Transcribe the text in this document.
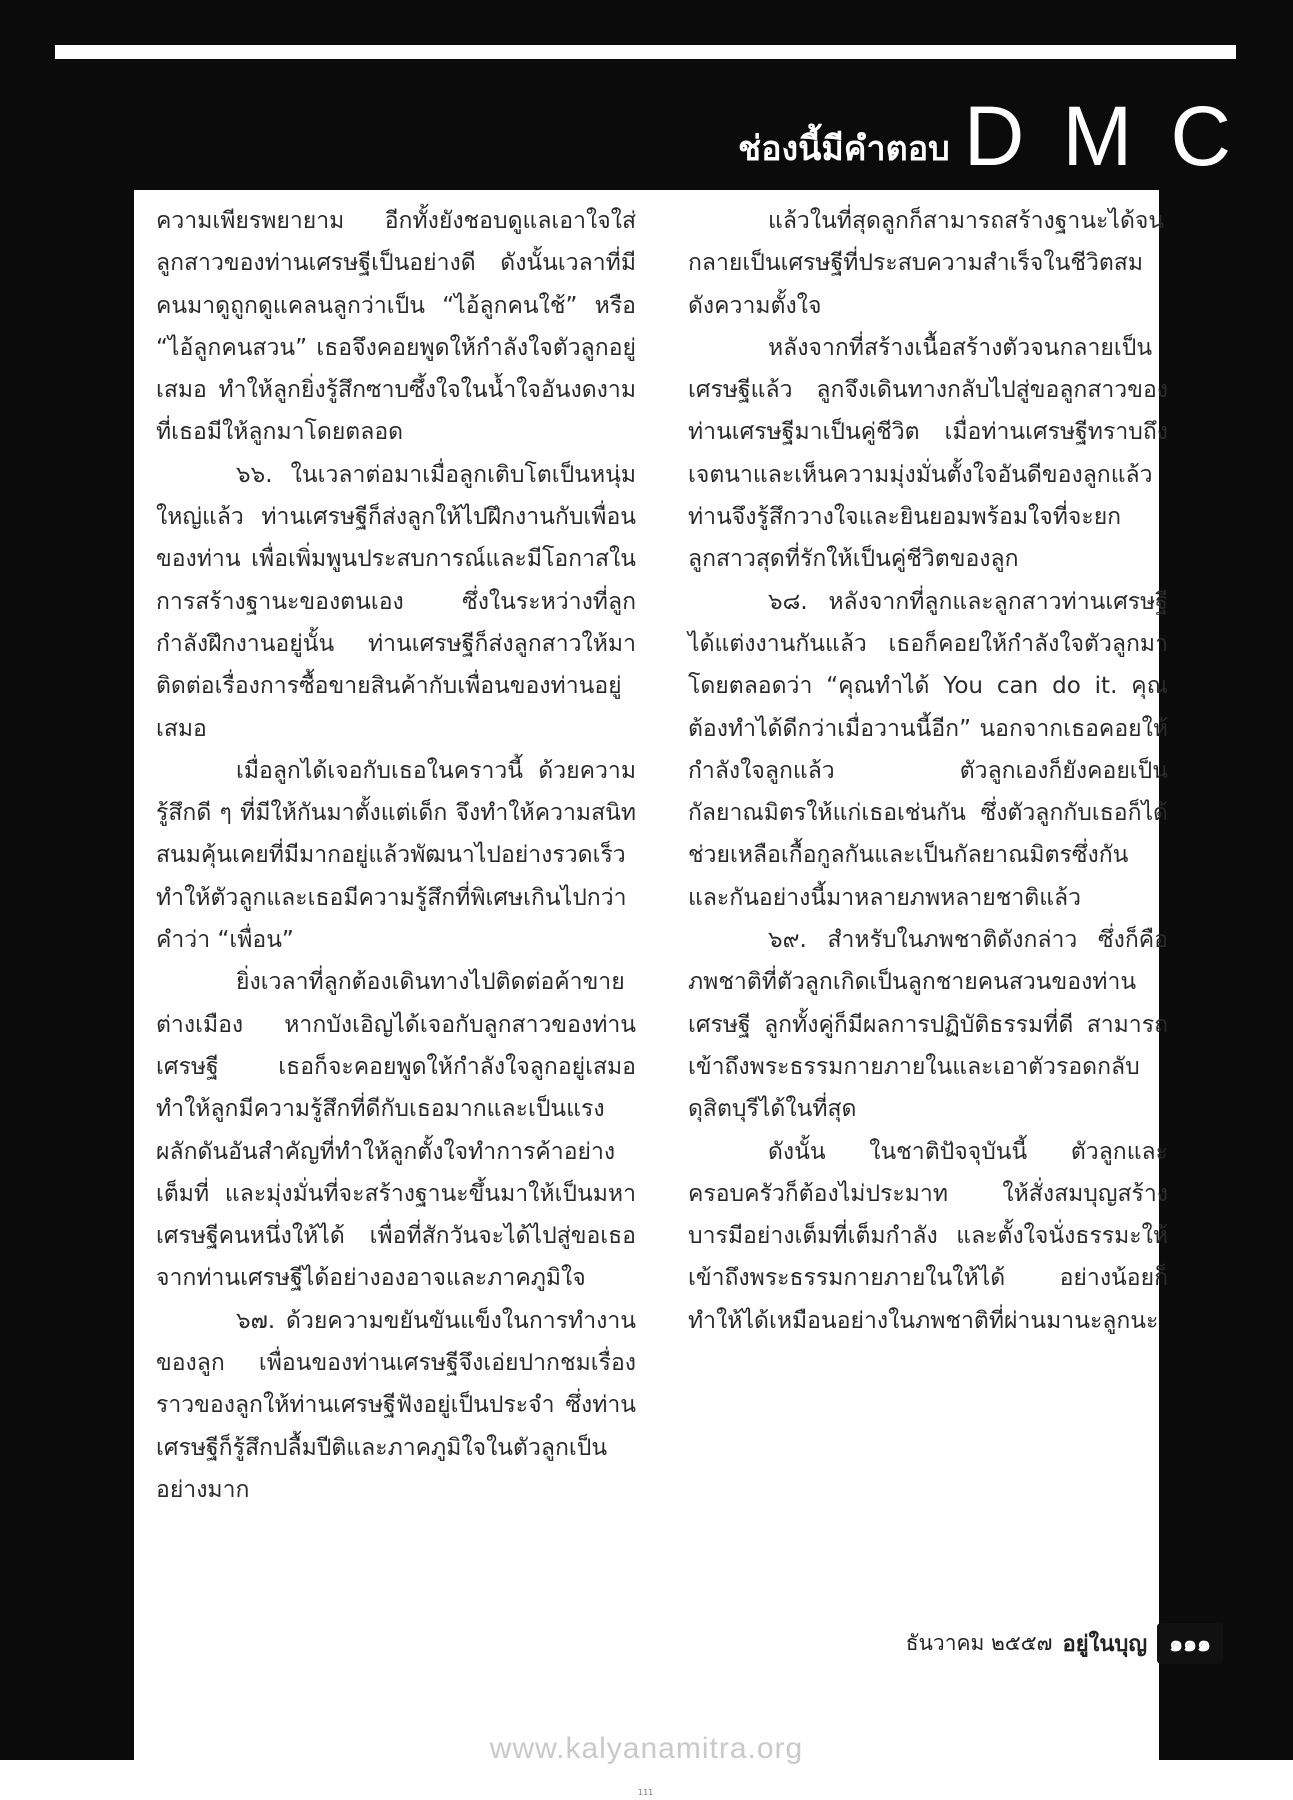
ช่องนี้มีคำตอบ DMC

ความเพียรพยายาม อีกทั้งยังชอบดูแลเอาใจใส่ลูกสาวของท่านเศรษฐีเป็นอย่างดี ดังนั้นเวลาที่มีคนมาดูถูกดูแคลนลูกว่าเป็น “ไอ้ลูกคนใช้” หรือ “ไอ้ลูกคนสวน” เธอจึงคอยพูดให้กำลังใจตัวลูกอยู่เสมอ ทำให้ลูกยิ่งรู้สึกซาบซึ้งใจในน้ำใจอันงดงามที่เธอมีให้ลูกมาโดยตลอด

๖๖. ในเวลาต่อมาเมื่อลูกเติบโตเป็นหนุ่มใหญ่แล้ว ท่านเศรษฐีก็ส่งลูกให้ไปฝึกงานกับเพื่อนของท่าน เพื่อเพิ่มพูนประสบการณ์และมีโอกาสในการสร้างฐานะของตนเอง ซึ่งในระหว่างที่ลูกกำลังฝึกงานอยู่นั้น ท่านเศรษฐีก็ส่งลูกสาวให้มาติดต่อเรื่องการซื้อขายสินค้ากับเพื่อนของท่านอยู่เสมอ

เมื่อลูกได้เจอกับเธอในคราวนี้ ด้วยความรู้สึกดี ๆ ที่มีให้กันมาตั้งแต่เด็ก จึงทำให้ความสนิทสนมคุ้นเคยที่มีมากอยู่แล้วพัฒนาไปอย่างรวดเร็ว ทำให้ตัวลูกและเธอมีความรู้สึกที่พิเศษเกินไปกว่าคำว่า “เพื่อน”

ยิ่งเวลาที่ลูกต้องเดินทางไปติดต่อค้าขายต่างเมือง หากบังเอิญได้เจอกับลูกสาวของท่านเศรษฐี เธอก็จะคอยพูดให้กำลังใจลูกอยู่เสมอ ทำให้ลูกมีความรู้สึกที่ดีกับเธอมากและเป็นแรงผลักดันอันสำคัญที่ทำให้ลูกตั้งใจทำการค้าอย่างเต็มที่ และมุ่งมั่นที่จะสร้างฐานะขึ้นมาให้เป็นมหาเศรษฐีคนหนึ่งให้ได้ เพื่อที่สักวันจะได้ไปสู่ขอเธอจากท่านเศรษฐีได้อย่างองอาจและภาคภูมิใจ

๖๗. ด้วยความขยันขันแข็งในการทำงานของลูก เพื่อนของท่านเศรษฐีจึงเอ่ยปากชมเรื่องราวของลูกให้ท่านเศรษฐีฟังอยู่เป็นประจำ ซึ่งท่านเศรษฐีก็รู้สึกปลื้มปีติและภาคภูมิใจในตัวลูกเป็นอย่างมาก

แล้วในที่สุดลูกก็สามารถสร้างฐานะได้จนกลายเป็นเศรษฐีที่ประสบความสำเร็จในชีวิตสมดังความตั้งใจ

หลังจากที่สร้างเนื้อสร้างตัวจนกลายเป็นเศรษฐีแล้ว ลูกจึงเดินทางกลับไปสู่ขอลูกสาวของท่านเศรษฐีมาเป็นคู่ชีวิต เมื่อท่านเศรษฐีทราบถึงเจตนาและเห็นความมุ่งมั่นตั้งใจอันดีของลูกแล้ว ท่านจึงรู้สึกวางใจและยินยอมพร้อมใจที่จะยกลูกสาวสุดที่รักให้เป็นคู่ชีวิตของลูก

๖๘. หลังจากที่ลูกและลูกสาวท่านเศรษฐีได้แต่งงานกันแล้ว เธอก็คอยให้กำลังใจตัวลูกมาโดยตลอดว่า “คุณทำได้ You can do it. คุณต้องทำได้ดีกว่าเมื่อวานนี้อีก” นอกจากเธอคอยให้กำลังใจลูกแล้ว ตัวลูกเองก็ยังคอยเป็นกัลยาณมิตรให้แก่เธอเช่นกัน ซึ่งตัวลูกกับเธอก็ได้ช่วยเหลือเกื้อกูลกันและเป็นกัลยาณมิตรซึ่งกันและกันอย่างนี้มาหลายภพหลายชาติแล้ว

๖๙. สำหรับในภพชาติดังกล่าว ซึ่งก็คือภพชาติที่ตัวลูกเกิดเป็นลูกชายคนสวนของท่านเศรษฐี ลูกทั้งคู่ก็มีผลการปฏิบัติธรรมที่ดี สามารถเข้าถึงพระธรรมกายภายในและเอาตัวรอดกลับดุสิตบุรีได้ในที่สุด

ดังนั้น ในชาติปัจจุบันนี้ ตัวลูกและครอบครัวก็ต้องไม่ประมาท ให้สั่งสมบุญสร้างบารมีอย่างเต็มที่เต็มกำลัง และตั้งใจนั่งธรรมะให้เข้าถึงพระธรรมกายภายในให้ได้ อย่างน้อยก็ทำให้ได้เหมือนอย่างในภพชาติที่ผ่านมานะลูกนะ

ธันวาคม ๒๕๕๗ อยู่ในบุญ	๑๑๑
www.kalyanamitra.org
111
